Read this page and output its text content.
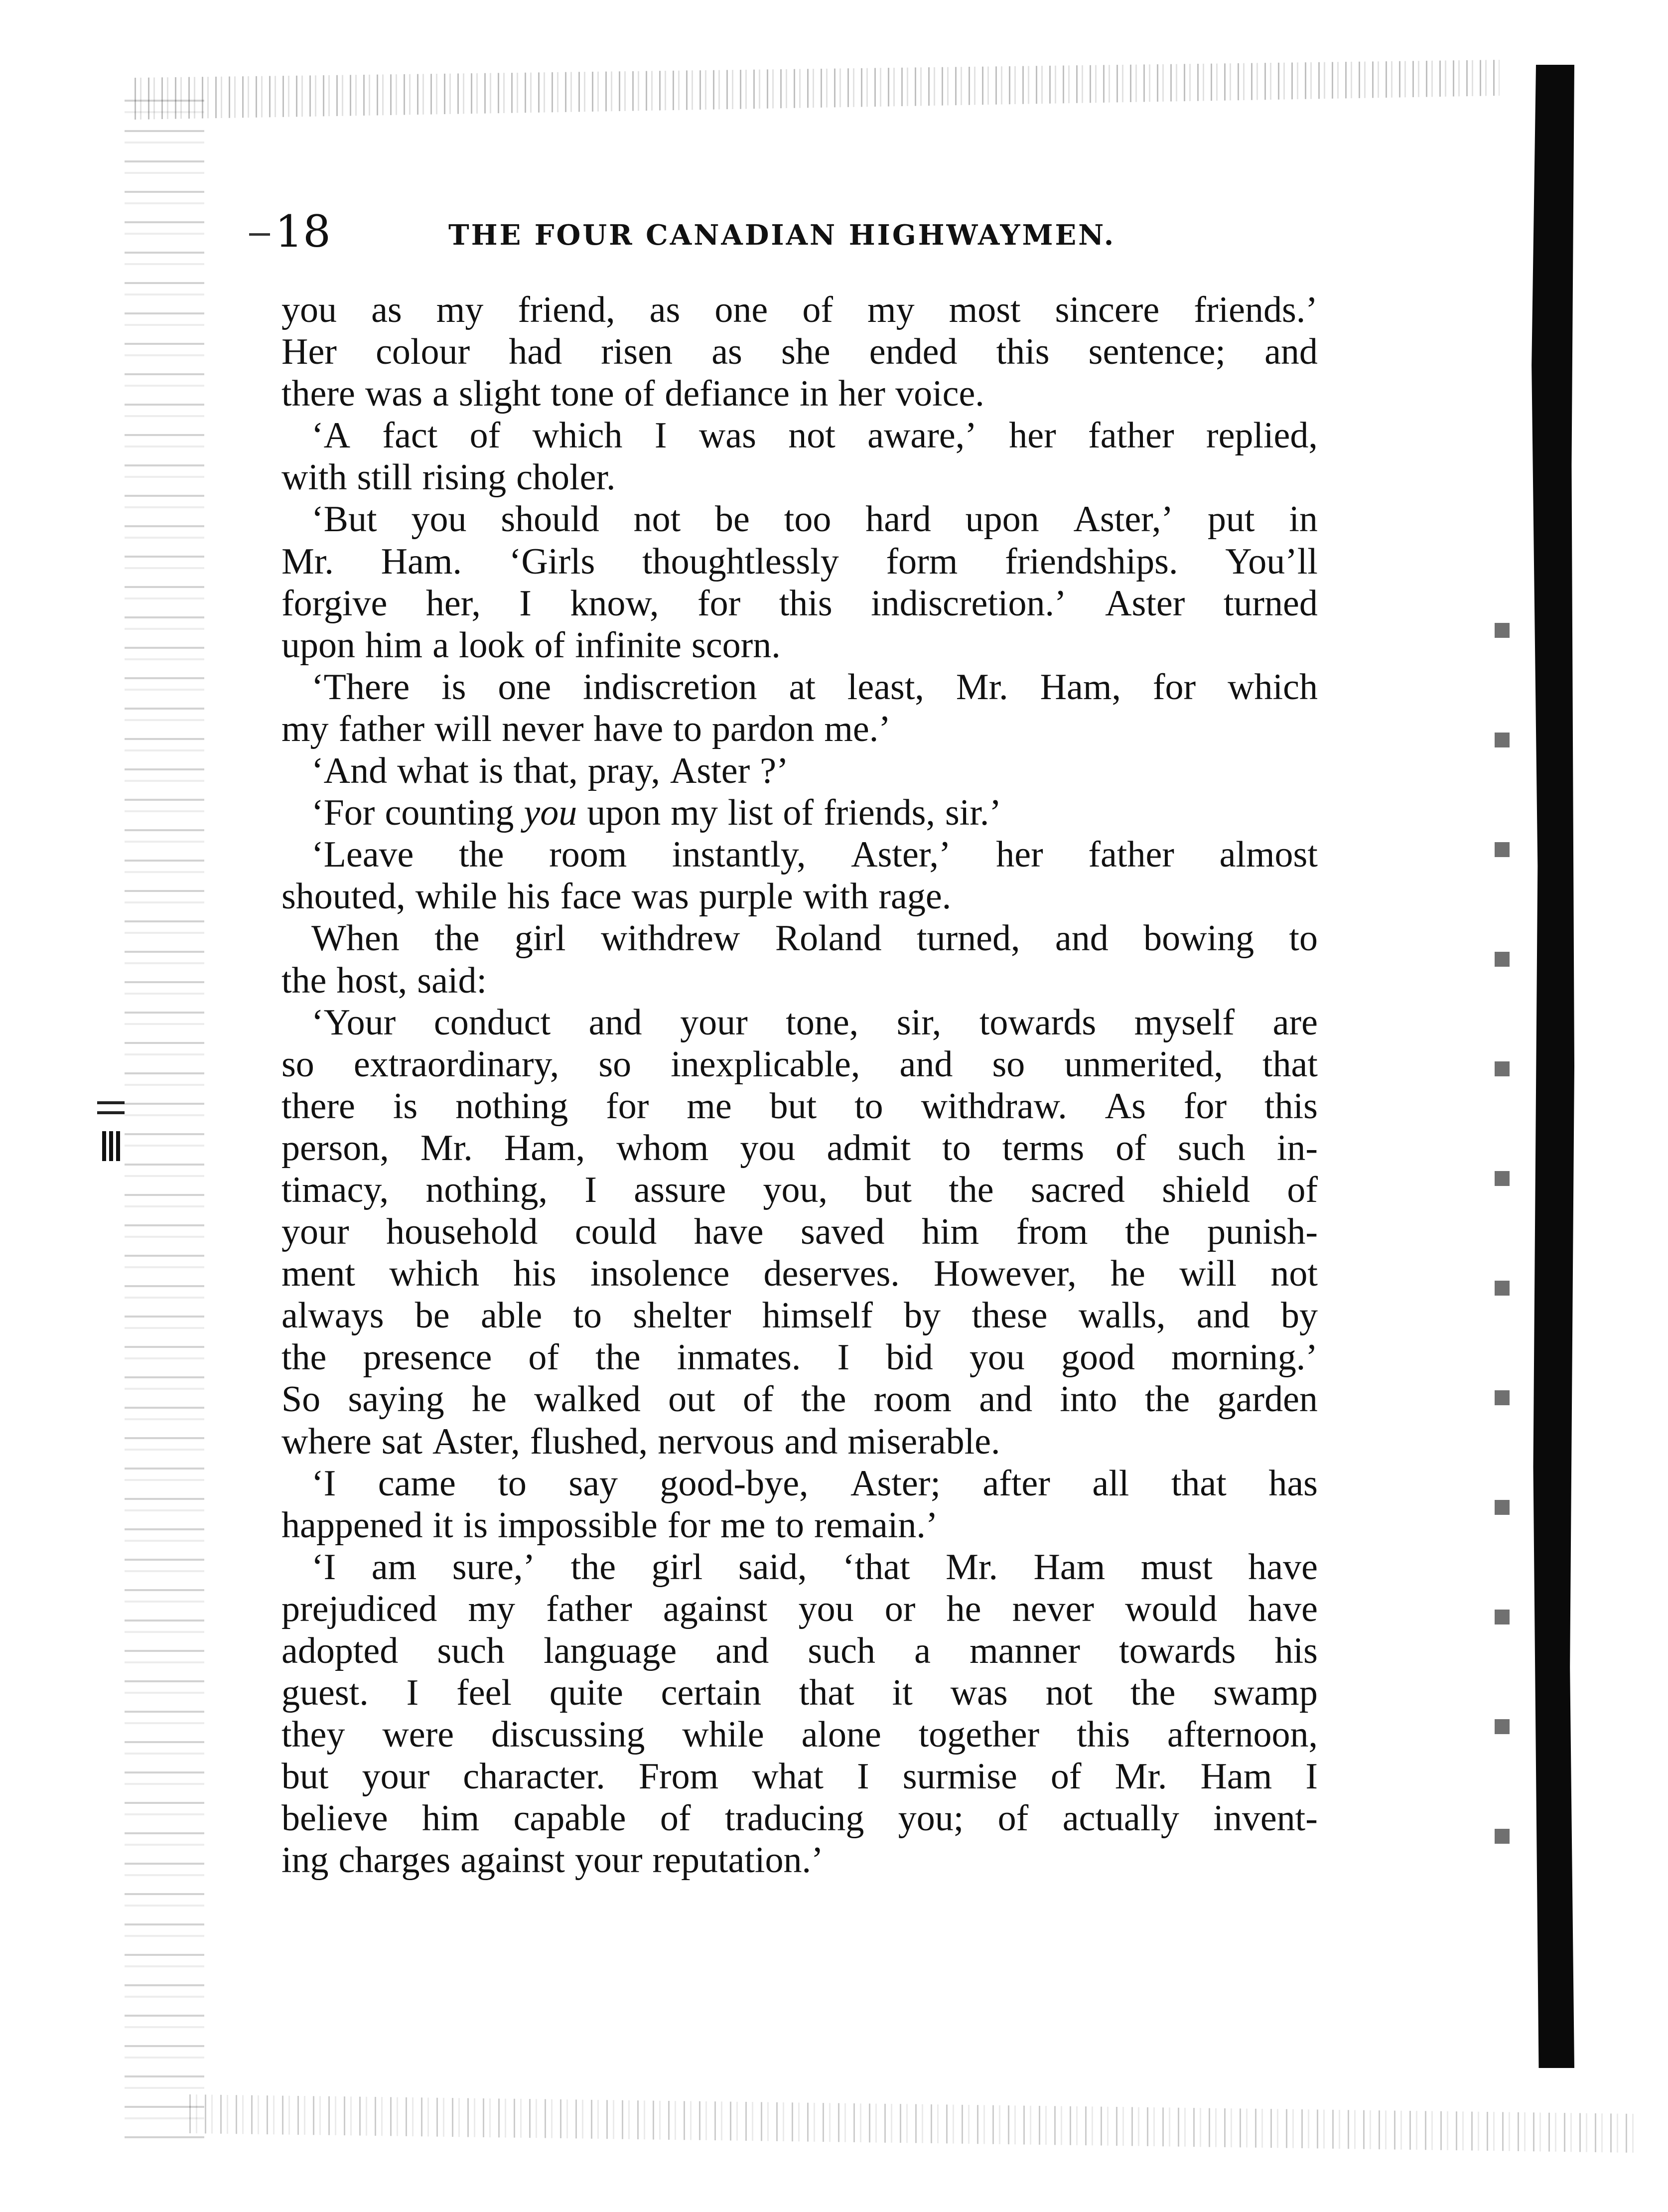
18	THE FOUR CANADIAN HIGHWAYMEN.
you as my friend, as one of my most sincere friends.’
Her colour had risen as she ended this sentence; and
there was a slight tone of defiance in her voice.
‘A fact of which I was not aware,’ her father replied,
with still rising choler.
‘But you should not be too hard upon Aster,’ put in
Mr. Ham. ‘Girls thoughtlessly form friendships. You’ll
forgive her, I know, for this indiscretion.’ Aster turned
upon him a look of infinite scorn.
‘There is one indiscretion at least, Mr. Ham, for which
my father will never have to pardon me.’
‘And what is that, pray, Aster ?’
‘For counting you upon my list of friends, sir.’
‘Leave the room instantly, Aster,’ her father almost
shouted, while his face was purple with rage.
When the girl withdrew Roland turned, and bowing to
the host, said:
‘Your conduct and your tone, sir, towards myself are
so extraordinary, so inexplicable, and so unmerited, that
there is nothing for me but to withdraw. As for this
person, Mr. Ham, whom you admit to terms of such in-
timacy, nothing, I assure you, but the sacred shield of
your household could have saved him from the punish-
ment which his insolence deserves. However, he will not
always be able to shelter himself by these walls, and by
the presence of the inmates. I bid you good morning.’
So saying he walked out of the room and into the garden
where sat Aster, flushed, nervous and miserable.
‘I came to say good-bye, Aster; after all that has
happened it is impossible for me to remain.’
‘I am sure,’ the girl said, ‘that Mr. Ham must have
prejudiced my father against you or he never would have
adopted such language and such a manner towards his
guest. I feel quite certain that it was not the swamp
they were discussing while alone together this afternoon,
but your character. From what I surmise of Mr. Ham I
believe him capable of traducing you; of actually invent-
ing charges against your reputation.’
